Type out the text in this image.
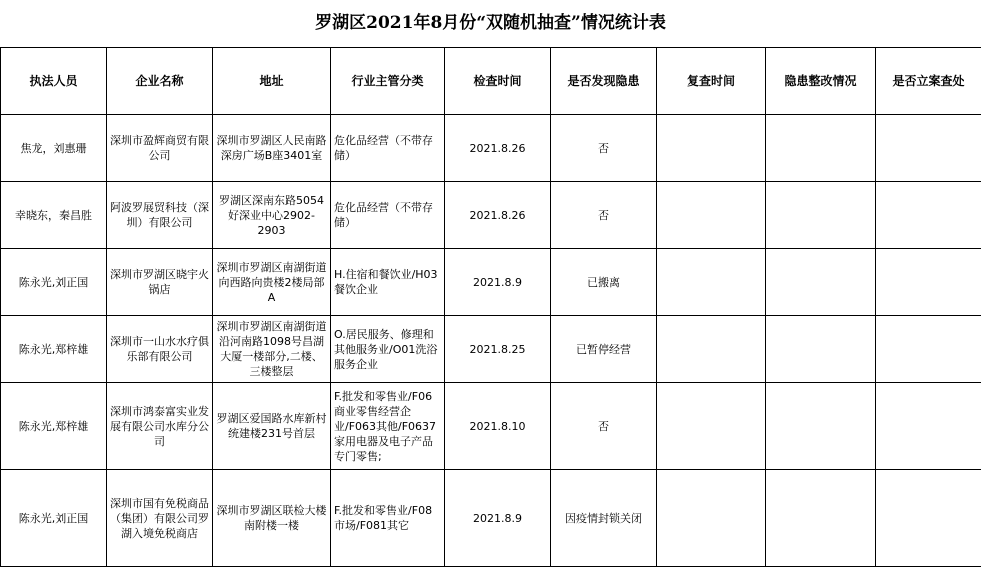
罗湖区2021年8月份“双随机抽查”情况统计表
执法人员	企业名称	地址	行业主管分类	检查时间	是否发现隐患	复查时间	隐患整改情况	是否立案查处
焦龙，刘惠珊	深圳市盈辉商贸有限公司	深圳市罗湖区人民南路深房广场B座3401室	危化品经营（不带存储）	2021.8.26	否			
幸晓东，秦昌胜	阿波罗展贸科技（深圳）有限公司	罗湖区深南东路5054好深业中心2902-2903	危化品经营（不带存储）	2021.8.26	否			
陈永光,刘正国	深圳市罗湖区晓宇火锅店	深圳市罗湖区南湖街道向西路向贵楼2楼局部A	H.住宿和餐饮业/H03餐饮企业	2021.8.9	已搬离			
陈永光,郑梓雄	深圳市一山水水疗俱乐部有限公司	深圳市罗湖区南湖街道沿河南路1098号昌湖大厦一楼部分,二楼、三楼整层	O.居民服务、修理和其他服务业/O01洗浴服务企业	2021.8.25	已暂停经营			
陈永光,郑梓雄	深圳市鸿泰富实业发展有限公司水库分公司	罗湖区爱国路水库新村统建楼231号首层	F.批发和零售业/F06商业零售经营企业/F063其他/F0637家用电器及电子产品专门零售;	2021.8.10	否			
陈永光,刘正国	深圳市国有免税商品（集团）有限公司罗湖入境免税商店	深圳市罗湖区联检大楼南附楼一楼	F.批发和零售业/F08市场/F081其它	2021.8.9	因疫情封锁关闭			
